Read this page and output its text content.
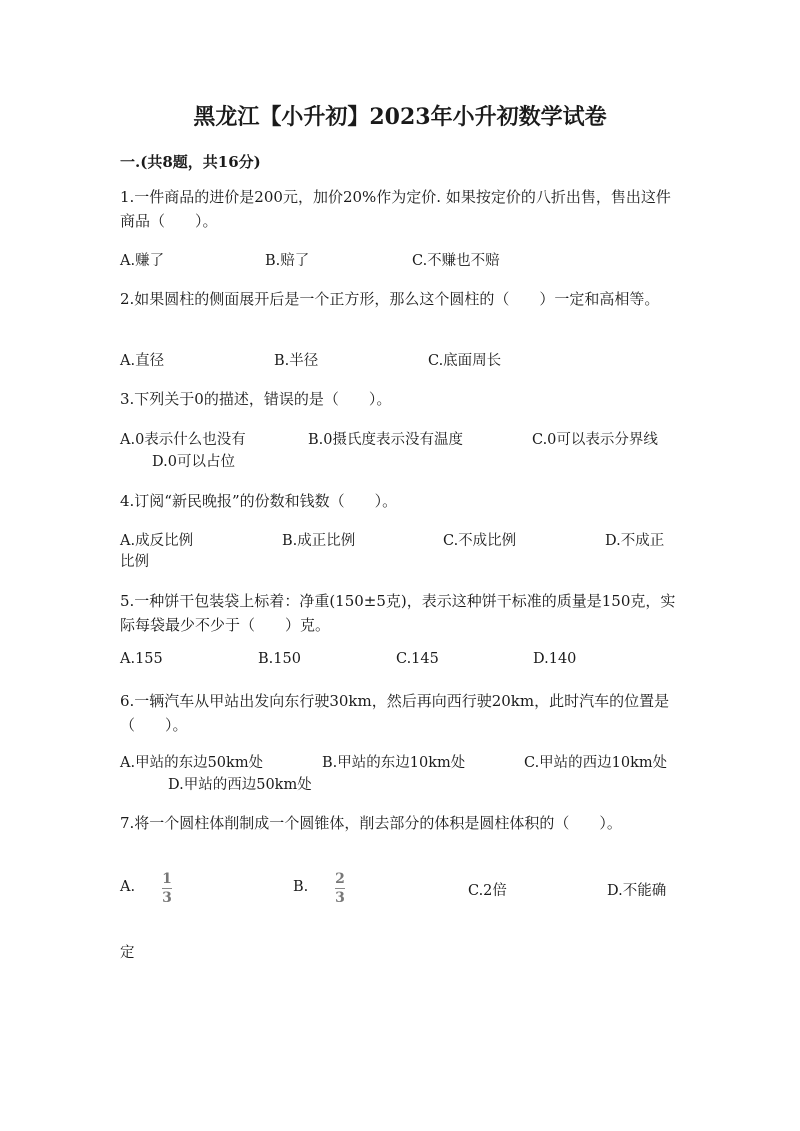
黑龙江【小升初】2023年小升初数学试卷
一.(共8题，共16分)
1.一件商品的进价是200元，加价20%作为定价. 如果按定价的八折出售，售出这件商品（　　）。
A.赚了	B.赔了	C.不赚也不赔
2.如果圆柱的侧面展开后是一个正方形，那么这个圆柱的（　　）一定和高相等。
A.直径	B.半径	C.底面周长
3.下列关于0的描述，错误的是（　　）。
A.0表示什么也没有	B.0摄氏度表示没有温度	C.0可以表示分界线
D.0可以占位
4.订阅“新民晚报”的份数和钱数（　　）。
A.成反比例	B.成正比例	C.不成比例	D.不成正
比例
5.一种饼干包装袋上标着：净重(150±5克)，表示这种饼干标准的质量是150克，实际每袋最少不少于（　　）克。
A.155	B.150	C.145	D.140
6.一辆汽车从甲站出发向东行驶30km，然后再向西行驶20km，此时汽车的位置是（　　）。
A.甲站的东边50km处	B.甲站的东边10km处	C.甲站的西边10km处
D.甲站的西边50km处
7.将一个圆柱体削制成一个圆锥体，削去部分的体积是圆柱体积的（　　）。
A. 1
3
B. 2
3	C.2倍	D.不能确
定
